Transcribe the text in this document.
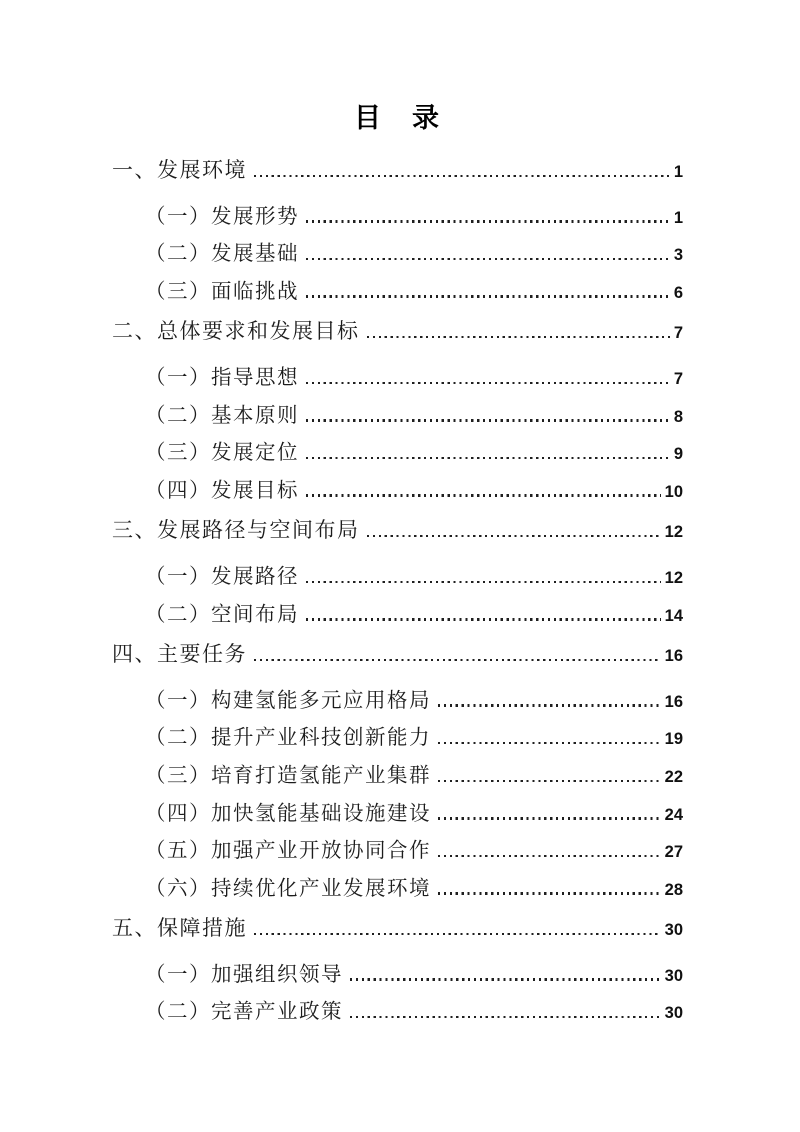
目　录
一、发展环境	1
（一）发展形势	1
（二）发展基础	3
（三）面临挑战	6
二、总体要求和发展目标	7
（一）指导思想	7
（二）基本原则	8
（三）发展定位	9
（四）发展目标	10
三、发展路径与空间布局	12
（一）发展路径	12
（二）空间布局	14
四、主要任务	16
（一）构建氢能多元应用格局	16
（二）提升产业科技创新能力	19
（三）培育打造氢能产业集群	22
（四）加快氢能基础设施建设	24
（五）加强产业开放协同合作	27
（六）持续优化产业发展环境	28
五、保障措施	30
（一）加强组织领导	30
（二）完善产业政策	30
